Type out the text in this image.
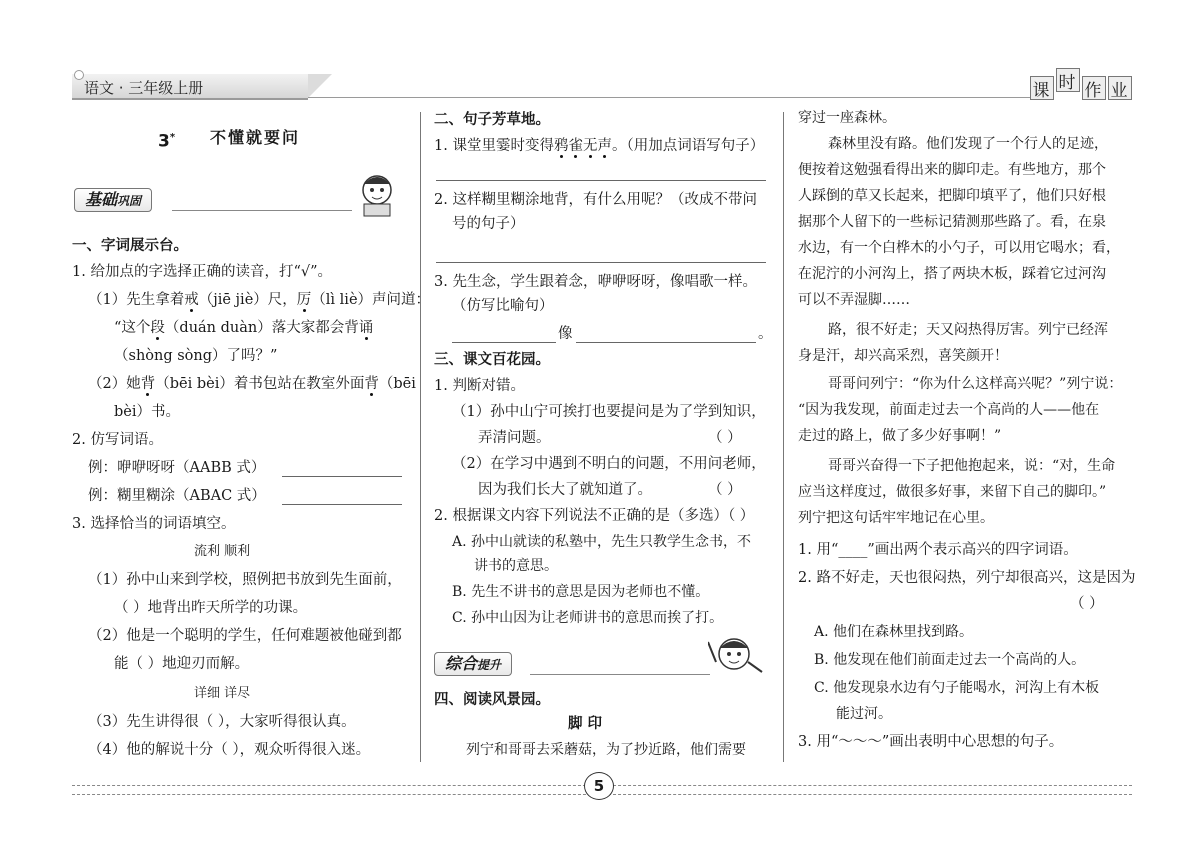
语文 · 三年级上册	课 时 作 业
3* 不懂就要问
基础巩固
一、字词展示台。
1. 给加点的字选择正确的读音，打“√”。
（1）先生拿着戒（jiē jiè）尺，厉（lì liè）声问道：
“这个段（duán duàn）落大家都会背诵
（shòng sòng）了吗？”
（2）她背（bēi bèi）着书包站在教室外面背（bēi
bèi）书。
2. 仿写词语。
例：咿咿呀呀（AABB 式）
例：糊里糊涂（ABAC 式）
3. 选择恰当的词语填空。
流利 顺利
（1）孙中山来到学校，照例把书放到先生面前，
（ ）地背出昨天所学的功课。
（2）他是一个聪明的学生，任何难题被他碰到都
能（ ）地迎刃而解。
详细 详尽
（3）先生讲得很（ ），大家听得很认真。
（4）他的解说十分（ ），观众听得很入迷。
二、句子芳草地。
1. 课堂里霎时变得鸦雀无声。（用加点词语写句子）
2. 这样糊里糊涂地背，有什么用呢？（改成不带问
号的句子）
3. 先生念，学生跟着念，咿咿呀呀，像唱歌一样。
（仿写比喻句）
像	。
三、课文百花园。
1. 判断对错。
（1）孙中山宁可挨打也要提问是为了学到知识，
弄清问题。	（ ）
（2）在学习中遇到不明白的问题，不用问老师，
因为我们长大了就知道了。	（ ）
2. 根据课文内容下列说法不正确的是（多选）（ ）
A. 孙中山就读的私塾中，先生只教学生念书，不
讲书的意思。
B. 先生不讲书的意思是因为老师也不懂。
C. 孙中山因为让老师讲书的意思而挨了打。
综合提升
四、阅读风景园。
脚 印
列宁和哥哥去采蘑菇，为了抄近路，他们需要
穿过一座森林。
森林里没有路。他们发现了一个行人的足迹，
便按着这勉强看得出来的脚印走。有些地方，那个
人踩倒的草又长起来，把脚印填平了，他们只好根
据那个人留下的一些标记猜测那些路了。看，在泉
水边，有一个白桦木的小勺子，可以用它喝水；看，
在泥泞的小河沟上，搭了两块木板，踩着它过河沟
可以不弄湿脚……
路，很不好走；天又闷热得厉害。列宁已经浑
身是汗，却兴高采烈，喜笑颜开！
哥哥问列宁：“你为什么这样高兴呢？”列宁说：
“因为我发现，前面走过去一个高尚的人——他在
走过的路上，做了多少好事啊！”
哥哥兴奋得一下子把他抱起来，说：“对，生命
应当这样度过，做很多好事，来留下自己的脚印。”
列宁把这句话牢牢地记在心里。
1. 用“____”画出两个表示高兴的四字词语。
2. 路不好走，天也很闷热，列宁却很高兴，这是因为
（ ）
A. 他们在森林里找到路。
B. 他发现在他们前面走过去一个高尚的人。
C. 他发现泉水边有勺子能喝水，河沟上有木板
能过河。
3. 用“～～～”画出表明中心思想的句子。
5
